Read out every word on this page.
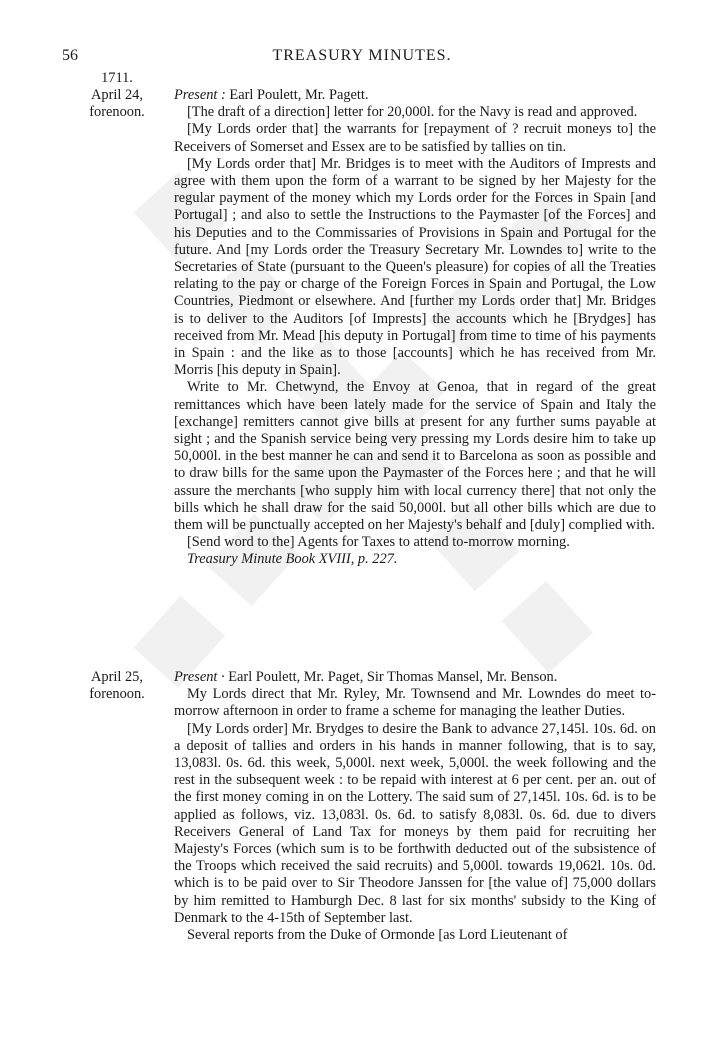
56	TREASURY MINUTES.
1711.
April 24,
forenoon.

Present : Earl Poulett, Mr. Pagett.

[The draft of a direction] letter for 20,000l. for the Navy is read and approved.

[My Lords order that] the warrants for [repayment of ? recruit moneys to] the Receivers of Somerset and Essex are to be satisfied by tallies on tin.

[My Lords order that] Mr. Bridges is to meet with the Auditors of Imprests and agree with them upon the form of a warrant to be signed by her Majesty for the regular payment of the money which my Lords order for the Forces in Spain [and Portugal] ; and also to settle the Instructions to the Paymaster [of the Forces] and his Deputies and to the Commissaries of Provisions in Spain and Portugal for the future. And [my Lords order the Treasury Secretary Mr. Lowndes to] write to the Secretaries of State (pursuant to the Queen's pleasure) for copies of all the Treaties relating to the pay or charge of the Foreign Forces in Spain and Portugal, the Low Countries, Piedmont or elsewhere. And [further my Lords order that] Mr. Bridges is to deliver to the Auditors [of Imprests] the accounts which he [Brydges] has received from Mr. Mead [his deputy in Portugal] from time to time of his payments in Spain : and the like as to those [accounts] which he has received from Mr. Morris [his deputy in Spain].

Write to Mr. Chetwynd, the Envoy at Genoa, that in regard of the great remittances which have been lately made for the service of Spain and Italy the [exchange] remitters cannot give bills at present for any further sums payable at sight ; and the Spanish service being very pressing my Lords desire him to take up 50,000l. in the best manner he can and send it to Barcelona as soon as possible and to draw bills for the same upon the Paymaster of the Forces here ; and that he will assure the merchants [who supply him with local currency there] that not only the bills which he shall draw for the said 50,000l. but all other bills which are due to them will be punctually accepted on her Majesty's behalf and [duly] complied with.

[Send word to the] Agents for Taxes to attend to-morrow morning.

Treasury Minute Book XVIII, p. 227.

April 25,
forenoon.

Present · Earl Poulett, Mr. Paget, Sir Thomas Mansel, Mr. Benson.

My Lords direct that Mr. Ryley, Mr. Townsend and Mr. Lowndes do meet to-morrow afternoon in order to frame a scheme for managing the leather Duties.

[My Lords order] Mr. Brydges to desire the Bank to advance 27,145l. 10s. 6d. on a deposit of tallies and orders in his hands in manner following, that is to say, 13,083l. 0s. 6d. this week, 5,000l. next week, 5,000l. the week following and the rest in the subsequent week : to be repaid with interest at 6 per cent. per an. out of the first money coming in on the Lottery. The said sum of 27,145l. 10s. 6d. is to be applied as follows, viz. 13,083l. 0s. 6d. to satisfy 8,083l. 0s. 6d. due to divers Receivers General of Land Tax for moneys by them paid for recruiting her Majesty's Forces (which sum is to be forthwith deducted out of the subsistence of the Troops which received the said recruits) and 5,000l. towards 19,062l. 10s. 0d. which is to be paid over to Sir Theodore Janssen for [the value of] 75,000 dollars by him remitted to Hamburgh Dec. 8 last for six months' subsidy to the King of Denmark to the 4-15th of September last.

Several reports from the Duke of Ormonde [as Lord Lieutenant of
